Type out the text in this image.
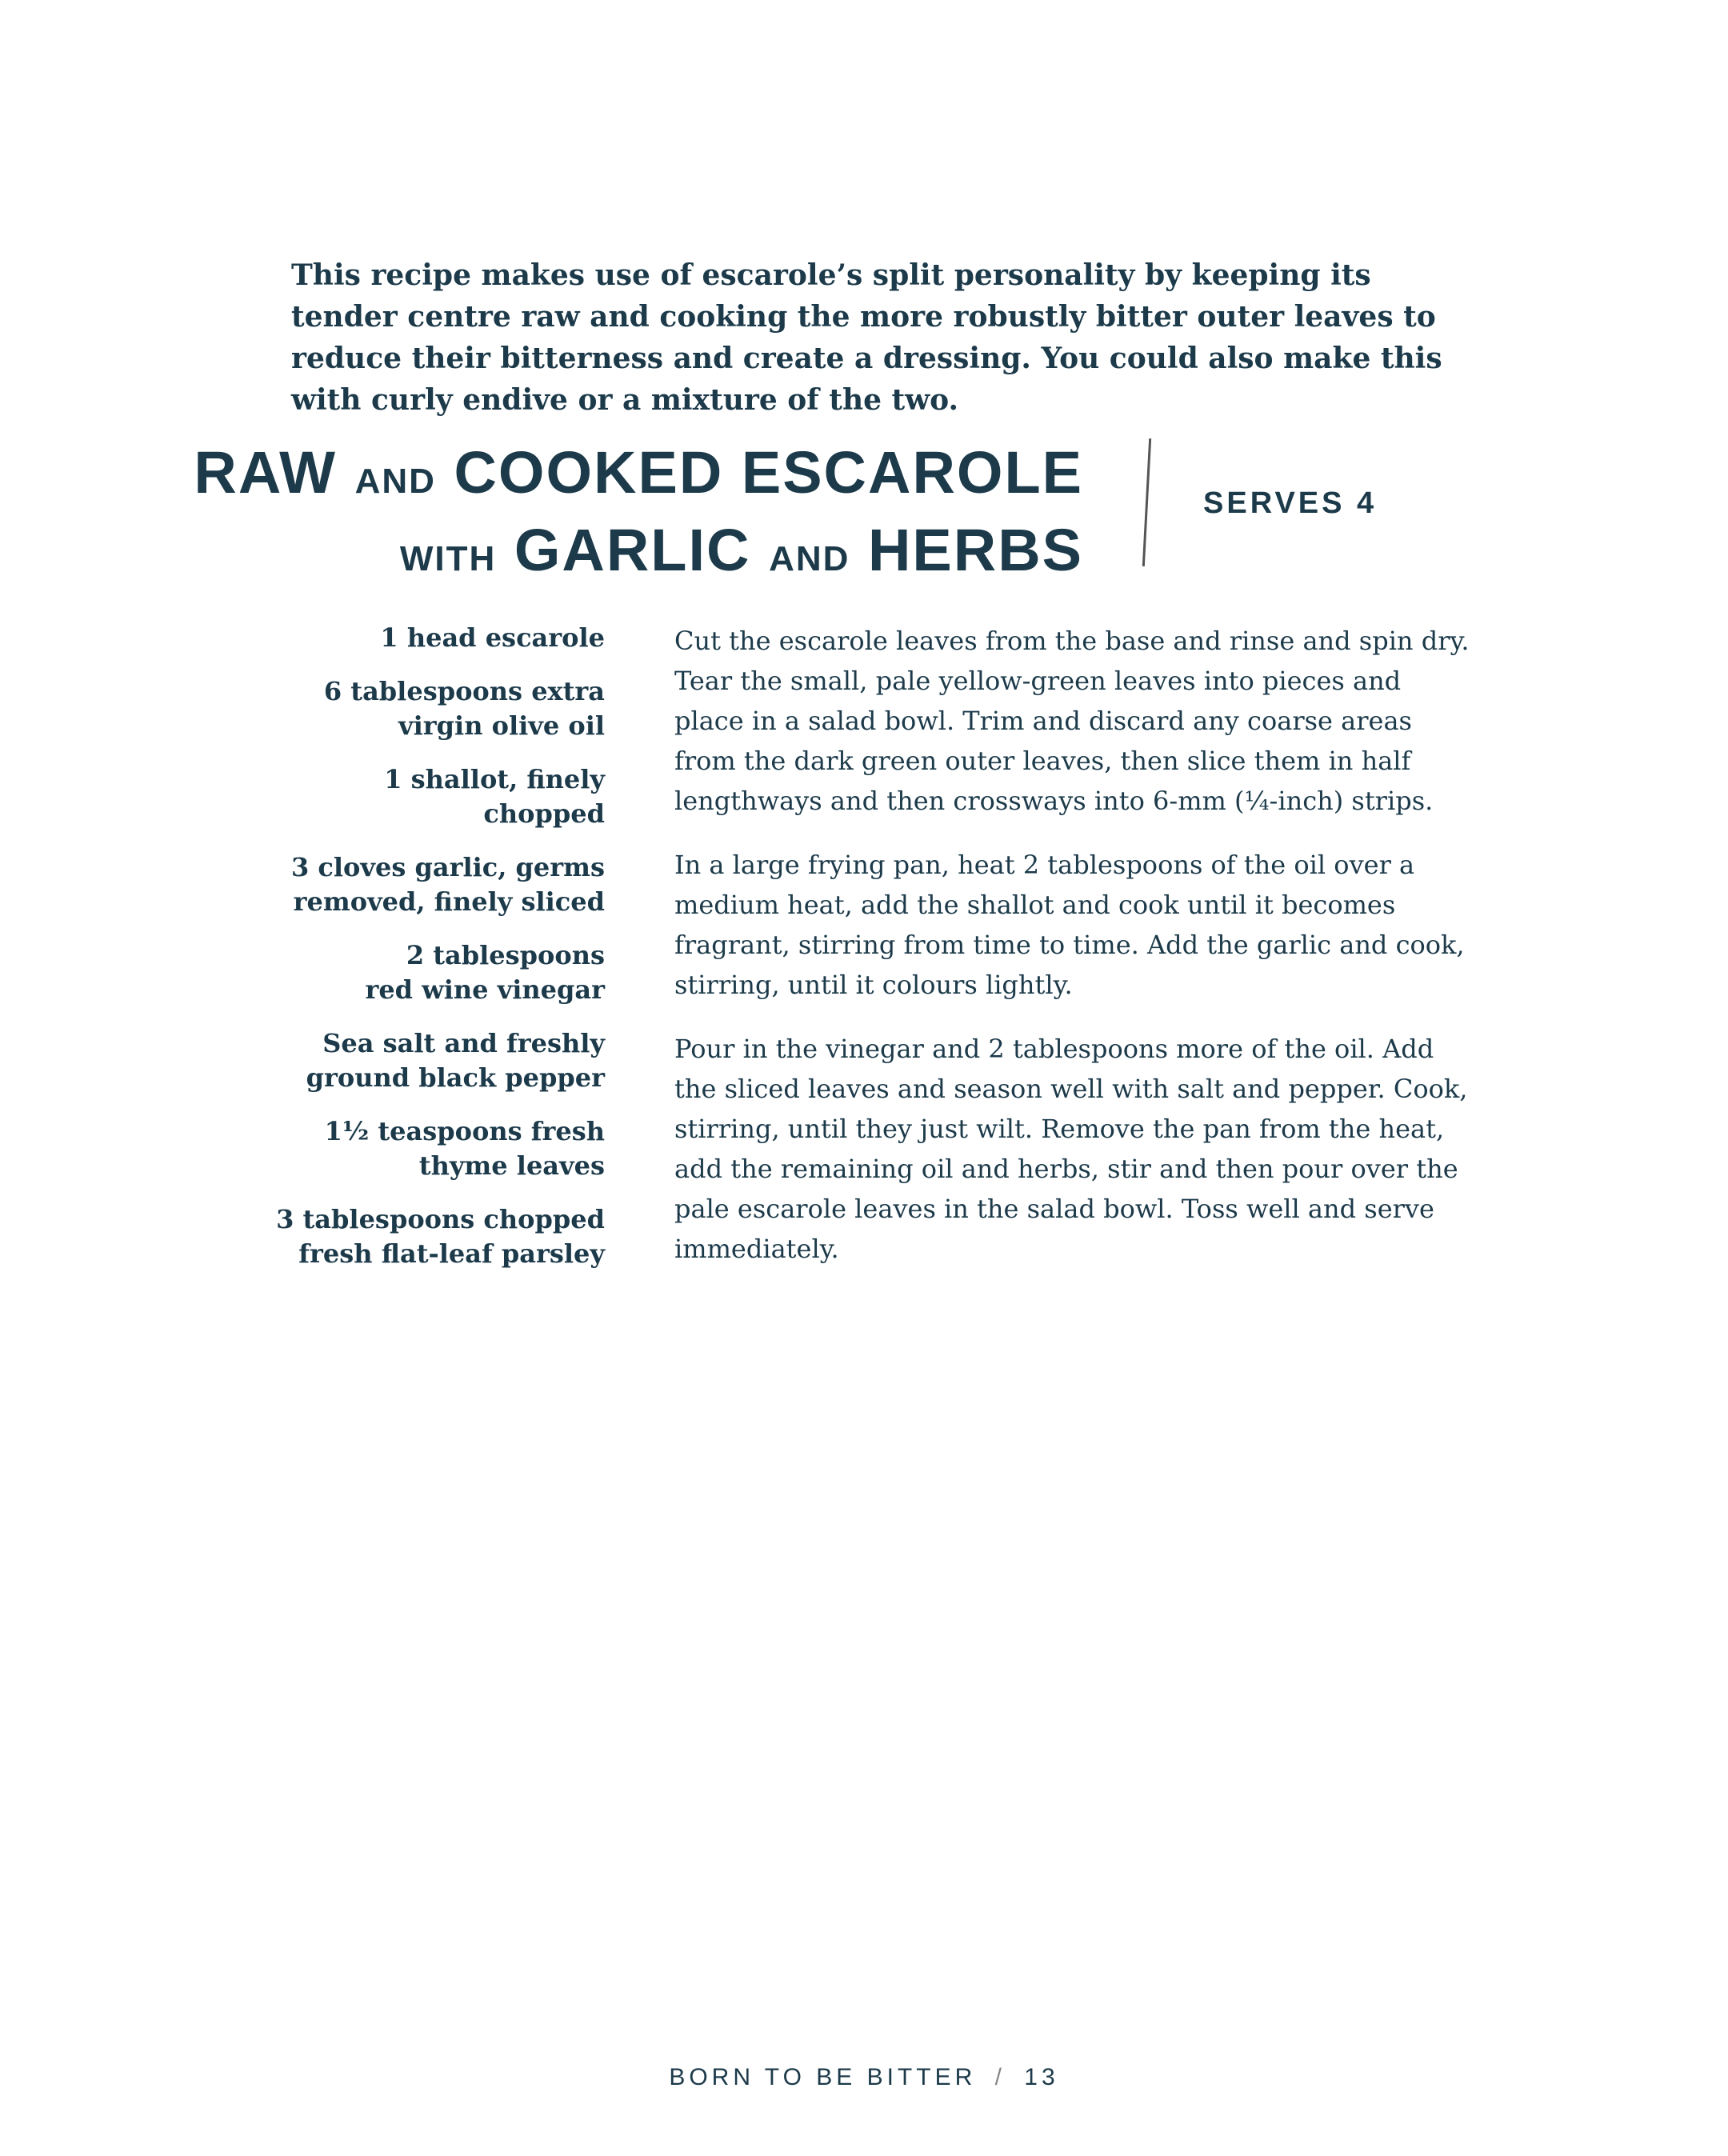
This recipe makes use of escarole’s split personality by keeping its tender centre raw and cooking the more robustly bitter outer leaves to reduce their bitterness and create a dressing. You could also make this with curly endive or a mixture of the two.

RAW AND COOKED ESCAROLE
WITH GARLIC AND HERBS

SERVES 4

1 head escarole
6 tablespoons extra
virgin olive oil
1 shallot, finely chopped
3 cloves garlic, germs
removed, finely sliced
2 tablespoons
red wine vinegar
Sea salt and freshly
ground black pepper
1½ teaspoons fresh
thyme leaves
3 tablespoons chopped
fresh flat-leaf parsley

Cut the escarole leaves from the base and rinse and spin dry. Tear the small, pale yellow-green leaves into pieces and place in a salad bowl. Trim and discard any coarse areas from the dark green outer leaves, then slice them in half lengthways and then crossways into 6-mm (¼-inch) strips.

In a large frying pan, heat 2 tablespoons of the oil over a medium heat, add the shallot and cook until it becomes fragrant, stirring from time to time. Add the garlic and cook, stirring, until it colours lightly.

Pour in the vinegar and 2 tablespoons more of the oil. Add the sliced leaves and season well with salt and pepper. Cook, stirring, until they just wilt. Remove the pan from the heat, add the remaining oil and herbs, stir and then pour over the pale escarole leaves in the salad bowl. Toss well and serve immediately.

BORN TO BE BITTER / 13
